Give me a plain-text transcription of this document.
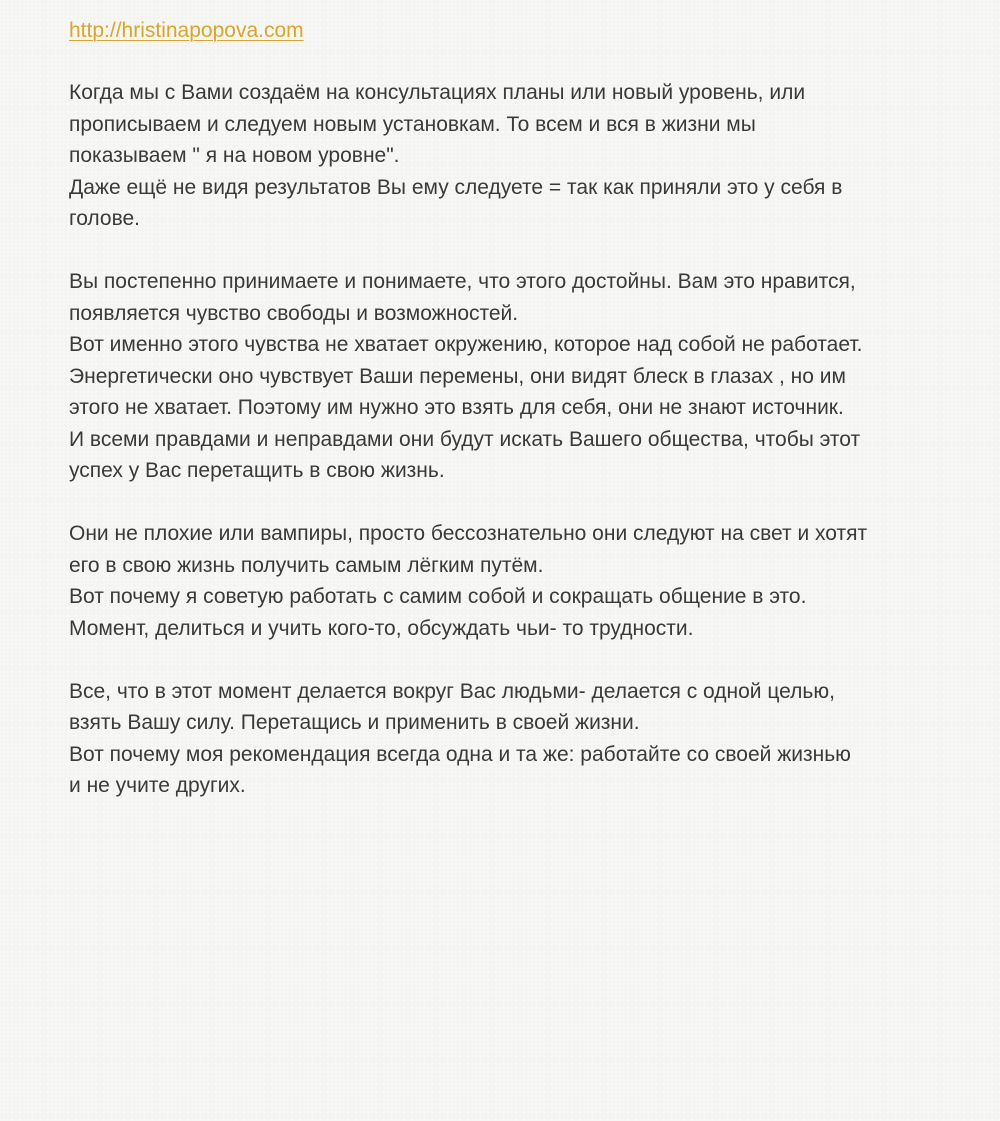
http://hristinapopova.com

Когда мы с Вами создаём на консультациях планы или новый уровень, или
прописываем и следуем новым установкам. То всем и вся в жизни мы
показываем " я на новом уровне".
Даже ещё не видя результатов Вы ему следуете = так как приняли это у себя в
голове.

Вы постепенно принимаете и понимаете, что этого достойны. Вам это нравится,
появляется чувство свободы и возможностей.
Вот именно этого чувства не хватает окружению, которое над собой не работает.
Энергетически оно чувствует Ваши перемены, они видят блеск в глазах , но им
этого не хватает. Поэтому им нужно это взять для себя, они не знают источник.
И всеми правдами и неправдами они будут искать Вашего общества, чтобы этот
успех у Вас перетащить в свою жизнь.

Они не плохие или вампиры, просто бессознательно они следуют на свет и хотят
его в свою жизнь получить самым лёгким путём.
Вот почему я советую работать с самим собой и сокращать общение в это.
Момент, делиться и учить кого-то, обсуждать чьи- то трудности.

Все, что в этот момент делается вокруг Вас людьми- делается с одной целью,
взять Вашу силу. Перетащись и применить в своей жизни.
Вот почему моя рекомендация всегда одна и та же: работайте со своей жизнью
и не учите других.
